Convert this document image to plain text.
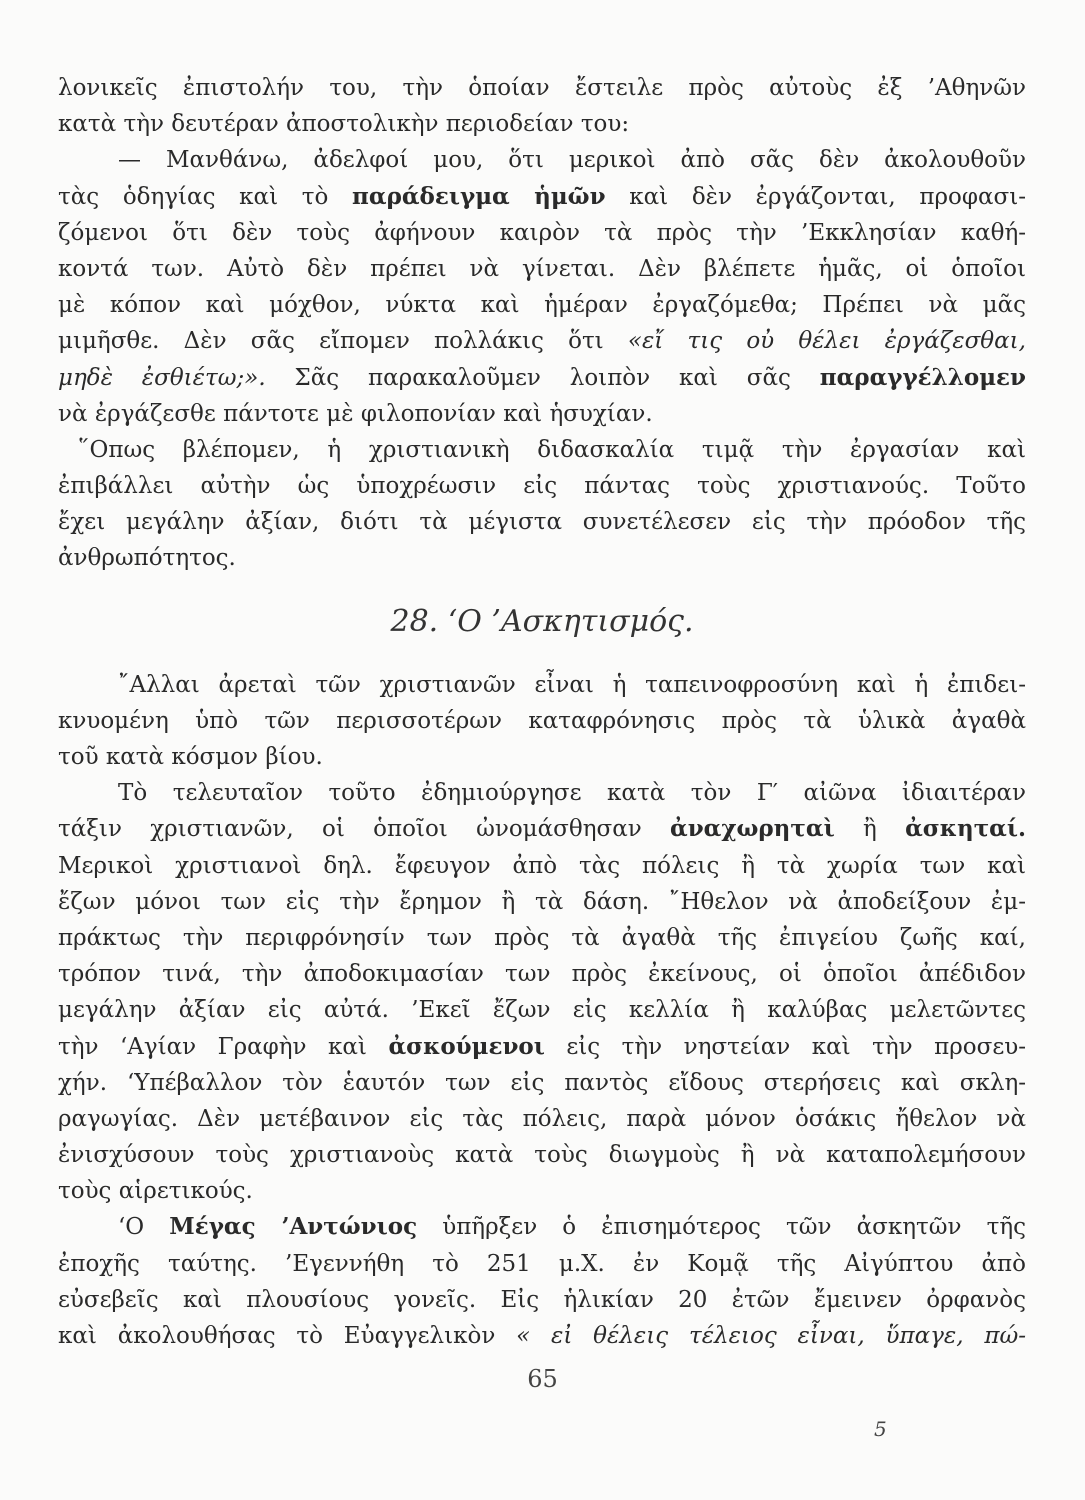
λονικεῖς ἐπιστολήν του, τὴν ὁποίαν ἔστειλε πρὸς αὐτοὺς ἐξ ’Αθηνῶν
κατὰ τὴν δευτέραν ἀποστολικὴν περιοδείαν του:
— Μανθάνω, ἀδελφοί μου, ὅτι μερικοὶ ἀπὸ σᾶς δὲν ἀκολουθοῦν
τὰς ὁδηγίας καὶ τὸ παράδειγμα ἡμῶν καὶ δὲν ἐργάζονται, προφασι-
ζόμενοι ὅτι δὲν τοὺς ἀφήνουν καιρὸν τὰ πρὸς τὴν ’Εκκλησίαν καθή-
κοντά των. Αὐτὸ δὲν πρέπει νὰ γίνεται. Δὲν βλέπετε ἡμᾶς, οἱ ὁποῖοι
μὲ κόπον καὶ μόχθον, νύκτα καὶ ἡμέραν ἐργαζόμεθα; Πρέπει νὰ μᾶς
μιμῆσθε. Δὲν σᾶς εἴπομεν πολλάκις ὅτι «εἴ τις οὐ θέλει ἐργάζεσθαι,
μηδὲ ἐσθιέτω;». Σᾶς παρακαλοῦμεν λοιπὸν καὶ σᾶς παραγγέλλομεν
νὰ ἐργάζεσθε πάντοτε μὲ φιλοπονίαν καὶ ἡσυχίαν.
῞Οπως βλέπομεν, ἡ χριστιανικὴ διδασκαλία τιμᾷ τὴν ἐργασίαν καὶ
ἐπιβάλλει αὐτὴν ὡς ὑποχρέωσιν εἰς πάντας τοὺς χριστιανούς. Τοῦτο
ἔχει μεγάλην ἀξίαν, διότι τὰ μέγιστα συνετέλεσεν εἰς τὴν πρόοδον τῆς
ἀνθρωπότητος.
28. ‘Ο ’Ασκητισμός.
῎Αλλαι ἀρεταὶ τῶν χριστιανῶν εἶναι ἡ ταπεινοφροσύνη καὶ ἡ ἐπιδει-
κνυομένη ὑπὸ τῶν περισσοτέρων καταφρόνησις πρὸς τὰ ὑλικὰ ἀγαθὰ
τοῦ κατὰ κόσμον βίου.
Τὸ τελευταῖον τοῦτο ἐδημιούργησε κατὰ τὸν Γ′ αἰῶνα ἰδιαιτέραν
τάξιν χριστιανῶν, οἱ ὁποῖοι ὠνομάσθησαν ἀναχωρηταὶ ἢ ἀσκηταί.
Μερικοὶ χριστιανοὶ δηλ. ἔφευγον ἀπὸ τὰς πόλεις ἢ τὰ χωρία των καὶ
ἔζων μόνοι των εἰς τὴν ἔρημον ἢ τὰ δάση. ῎Ηθελον νὰ ἀποδείξουν ἐμ-
πράκτως τὴν περιφρόνησίν των πρὸς τὰ ἀγαθὰ τῆς ἐπιγείου ζωῆς καί,
τρόπον τινά, τὴν ἀποδοκιμασίαν των πρὸς ἐκείνους, οἱ ὁποῖοι ἀπέδιδον
μεγάλην ἀξίαν εἰς αὐτά. ’Εκεῖ ἔζων εἰς κελλία ἢ καλύβας μελετῶντες
τὴν ‘Αγίαν Γραφὴν καὶ ἀσκούμενοι εἰς τὴν νηστείαν καὶ τὴν προσευ-
χήν. ‘Υπέβαλλον τὸν ἑαυτόν των εἰς παντὸς εἴδους στερήσεις καὶ σκλη-
ραγωγίας. Δὲν μετέβαινον εἰς τὰς πόλεις, παρὰ μόνον ὁσάκις ἤθελον νὰ
ἐνισχύσουν τοὺς χριστιανοὺς κατὰ τοὺς διωγμοὺς ἢ νὰ καταπολεμήσουν
τοὺς αἱρετικούς.
‘Ο Μέγας ’Αντώνιος ὑπῆρξεν ὁ ἐπισημότερος τῶν ἀσκητῶν τῆς
ἐποχῆς ταύτης. ’Εγεννήθη τὸ 251 μ.Χ. ἐν Κομᾷ τῆς Αἰγύπτου ἀπὸ
εὐσεβεῖς καὶ πλουσίους γονεῖς. Εἰς ἡλικίαν 20 ἐτῶν ἔμεινεν ὀρφανὸς
καὶ ἀκολουθήσας τὸ Εὐαγγελικὸν « εἰ θέλεις τέλειος εἶναι, ὕπαγε, πώ-
65
5
